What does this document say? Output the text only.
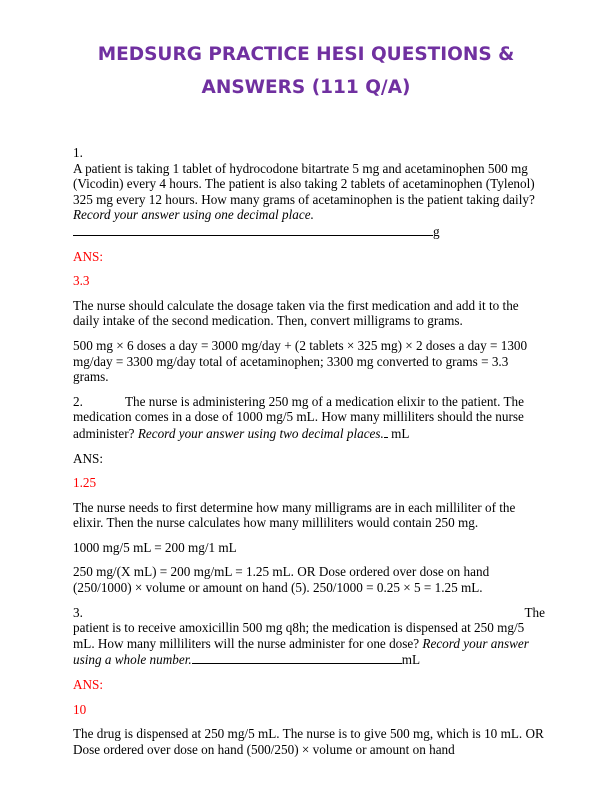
MEDSURG PRACTICE HESI QUESTIONS & ANSWERS (111 Q/A)

1.

A patient is taking 1 tablet of hydrocodone bitartrate 5 mg and acetaminophen 500 mg (Vicodin) every 4 hours. The patient is also taking 2 tablets of acetaminophen (Tylenol) 325 mg every 12 hours. How many grams of acetaminophen is the patient taking daily? Record your answer using one decimal place.g

ANS:

3.3

The nurse should calculate the dosage taken via the first medication and add it to the daily intake of the second medication. Then, convert milligrams to grams.

500 mg × 6 doses a day = 3000 mg/day + (2 tablets × 325 mg) × 2 doses a day = 1300 mg/day = 3300 mg/day total of acetaminophen; 3300 mg converted to grams = 3.3 grams.

2.	The nurse is administering 250 mg of a medication elixir to the patient. The medication comes in a dose of 1000 mg/5 mL. How many milliliters should the nurse administer? Record your answer using two decimal places. mL

ANS:

1.25

The nurse needs to first determine how many milligrams are in each milliliter of the elixir. Then the nurse calculates how many milliliters would contain 250 mg.

1000 mg/5 mL = 200 mg/1 mL

250 mg/(X mL) = 200 mg/mL = 1.25 mL. OR Dose ordered over dose on hand (250/1000) × volume or amount on hand (5). 250/1000 = 0.25 × 5 = 1.25 mL.

3.	The

patient is to receive amoxicillin 500 mg q8h; the medication is dispensed at 250 mg/5 mL. How many milliliters will the nurse administer for one dose? Record your answer using a whole number.	mL

ANS:

10

The drug is dispensed at 250 mg/5 mL. The nurse is to give 500 mg, which is 10 mL. OR Dose ordered over dose on hand (500/250) × volume or amount on hand
